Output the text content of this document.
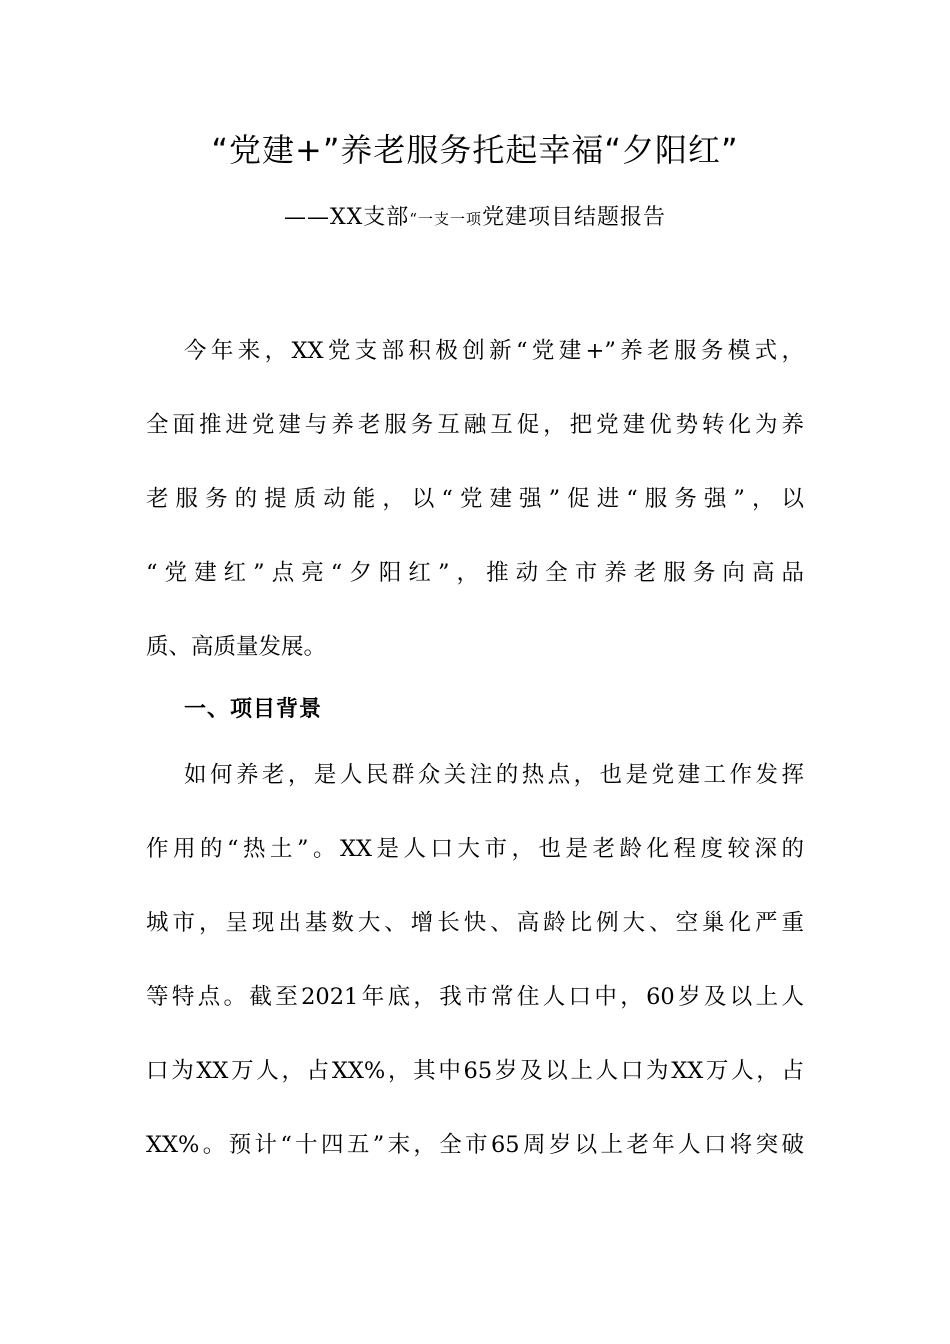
“党建+”养老服务托起幸福“夕阳红”
——XX支部“一支一项党建项目结题报告
今年来，XX党支部积极创新“党建+”养老服务模式，
全面推进党建与养老服务互融互促，把党建优势转化为养
老服务的提质动能，以“党建强”促进“服务强”，以
“党建红”点亮“夕阳红”，推动全市养老服务向高品
质、高质量发展。
一、项目背景
如何养老，是人民群众关注的热点，也是党建工作发挥
作用的“热土”。XX是人口大市，也是老龄化程度较深的
城市，呈现出基数大、增长快、高龄比例大、空巢化严重
等特点。截至2021年底，我市常住人口中，60岁及以上人
口为XX万人，占XX%，其中65岁及以上人口为XX万人，占
XX%。预计“十四五”末，全市65周岁以上老年人口将突破
